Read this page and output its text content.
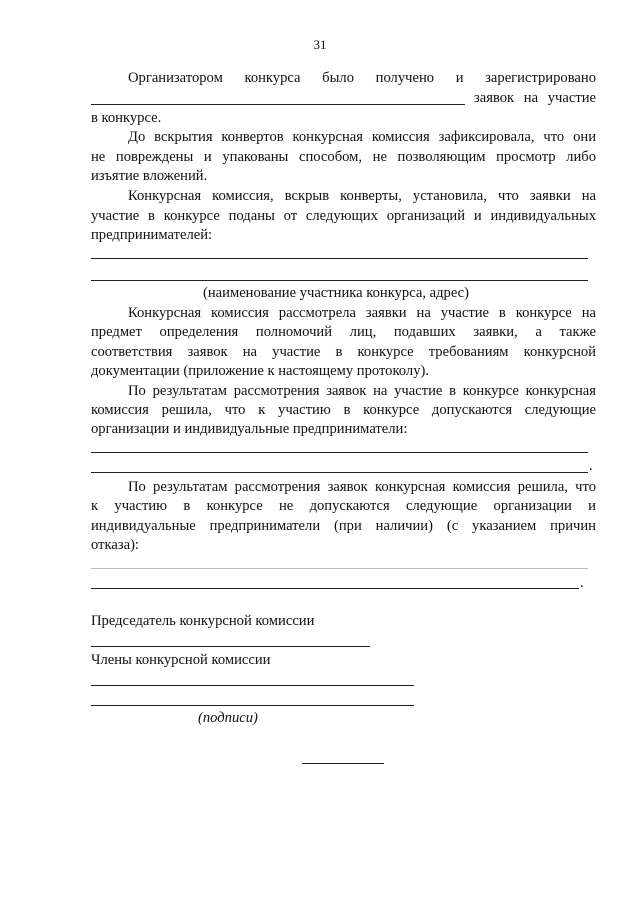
31
Организатором конкурса было получено и зарегистрировано
заявок на участие
в конкурсе.
До вскрытия конвертов конкурсная комиссия зафиксировала, что они
не повреждены и упакованы способом, не позволяющим просмотр либо
изъятие вложений.
Конкурсная комиссия, вскрыв конверты, установила, что заявки на
участие в конкурсе поданы от следующих организаций и индивидуальных
предпринимателей:
(наименование участника конкурса, адрес)
Конкурсная комиссия рассмотрела заявки на участие в конкурсе на
предмет определения полномочий лиц, подавших заявки, а также
соответствия заявок на участие в конкурсе требованиям конкурсной
документации (приложение к настоящему протоколу).
По результатам рассмотрения заявок на участие в конкурсе конкурсная
комиссия решила, что к участию в конкурсе допускаются следующие
организации и индивидуальные предприниматели:
.
По результатам рассмотрения заявок конкурсная комиссия решила, что
к участию в конкурсе не допускаются следующие организации и
индивидуальные предприниматели (при наличии) (с указанием причин
отказа):
.
Председатель конкурсной комиссии
Члены конкурсной комиссии
(подписи)
